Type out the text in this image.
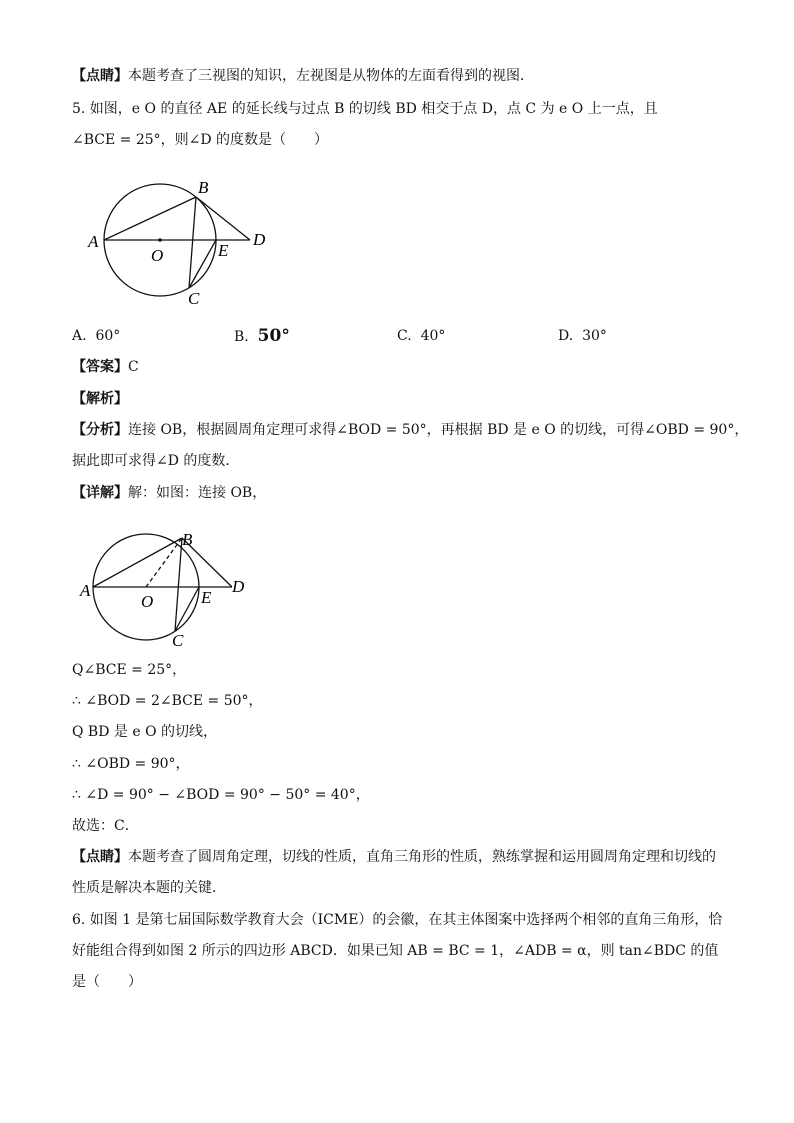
【点睛】本题考查了三视图的知识，左视图是从物体的左面看得到的视图．
5. 如图，e O 的直径 AE 的延长线与过点 B 的切线 BD 相交于点 D，点 C 为 e O 上一点，且
∠BCE = 25°，则∠D 的度数是（　　）
A
B
C
D
E
O
A. 60°	B. 50°	C. 40°	D. 30°
【答案】C
【解析】
【分析】连接 OB，根据圆周角定理可求得∠BOD = 50°，再根据 BD 是 e O 的切线，可得∠OBD = 90°，
据此即可求得∠D 的度数．
【详解】解：如图：连接 OB，
A
B
C
D
E
O
Q∠BCE = 25°，
∴ ∠BOD = 2∠BCE = 50°，
Q BD 是 e O 的切线，
∴ ∠OBD = 90°，
∴ ∠D = 90° − ∠BOD = 90° − 50° = 40°，
故选：C．
【点睛】本题考查了圆周角定理，切线的性质，直角三角形的性质，熟练掌握和运用圆周角定理和切线的
性质是解决本题的关键．
6. 如图 1 是第七届国际数学教育大会（ICME）的会徽，在其主体图案中选择两个相邻的直角三角形，恰
好能组合得到如图 2 所示的四边形 ABCD．如果已知 AB = BC = 1，∠ADB = α，则 tan∠BDC 的值
是（　　）
